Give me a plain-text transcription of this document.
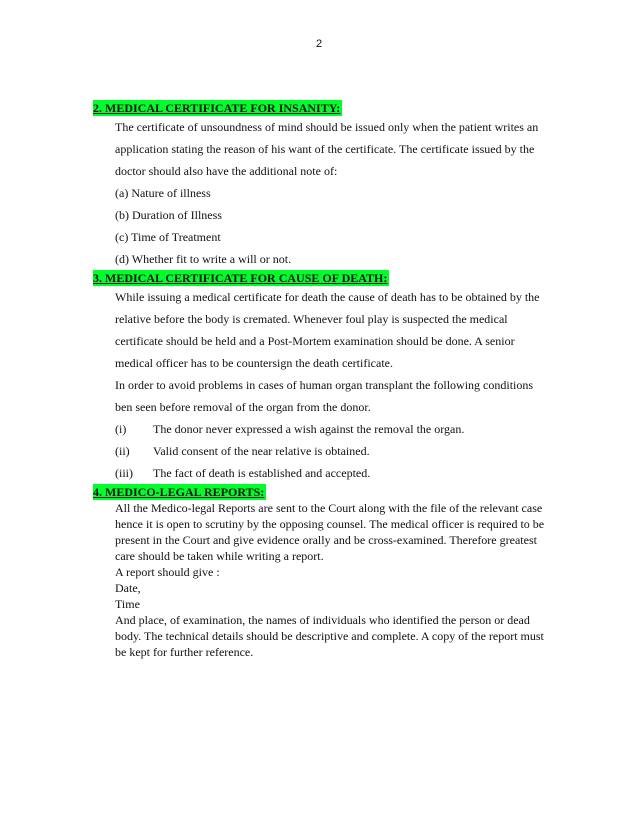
2
2. MEDICAL CERTIFICATE FOR INSANITY:
The certificate of unsoundness of mind should be issued only when the patient writes an
application stating the reason of his want of the certificate. The certificate issued by the
doctor should also have the additional note of:
(a) Nature of illness
(b) Duration of Illness
(c) Time of Treatment
(d) Whether fit to write a will or not.
3. MEDICAL CERTIFICATE FOR CAUSE OF DEATH:
While issuing a medical certificate for death the cause of death has to be obtained by the
relative before the body is cremated. Whenever foul play is suspected the medical
certificate should be held and a Post-Mortem examination should be done. A senior
medical officer has to be countersign the death certificate.
In order to avoid problems in cases of human organ transplant the following conditions
ben seen before removal of the organ from the donor.
(i)	The donor never expressed a wish against the removal the organ.
(ii)	Valid consent of the near relative is obtained.
(iii)	The fact of death is established and accepted.
4. MEDICO-LEGAL REPORTS:
All the Medico-legal Reports are sent to the Court along with the file of the relevant case
hence it is open to scrutiny by the opposing counsel. The medical officer is required to be
present in the Court and give evidence orally and be cross-examined. Therefore greatest
care should be taken while writing a report.
A report should give :
Date,
Time
And place, of examination, the names of individuals who identified the person or dead
body. The technical details should be descriptive and complete. A copy of the report must
be kept for further reference.
